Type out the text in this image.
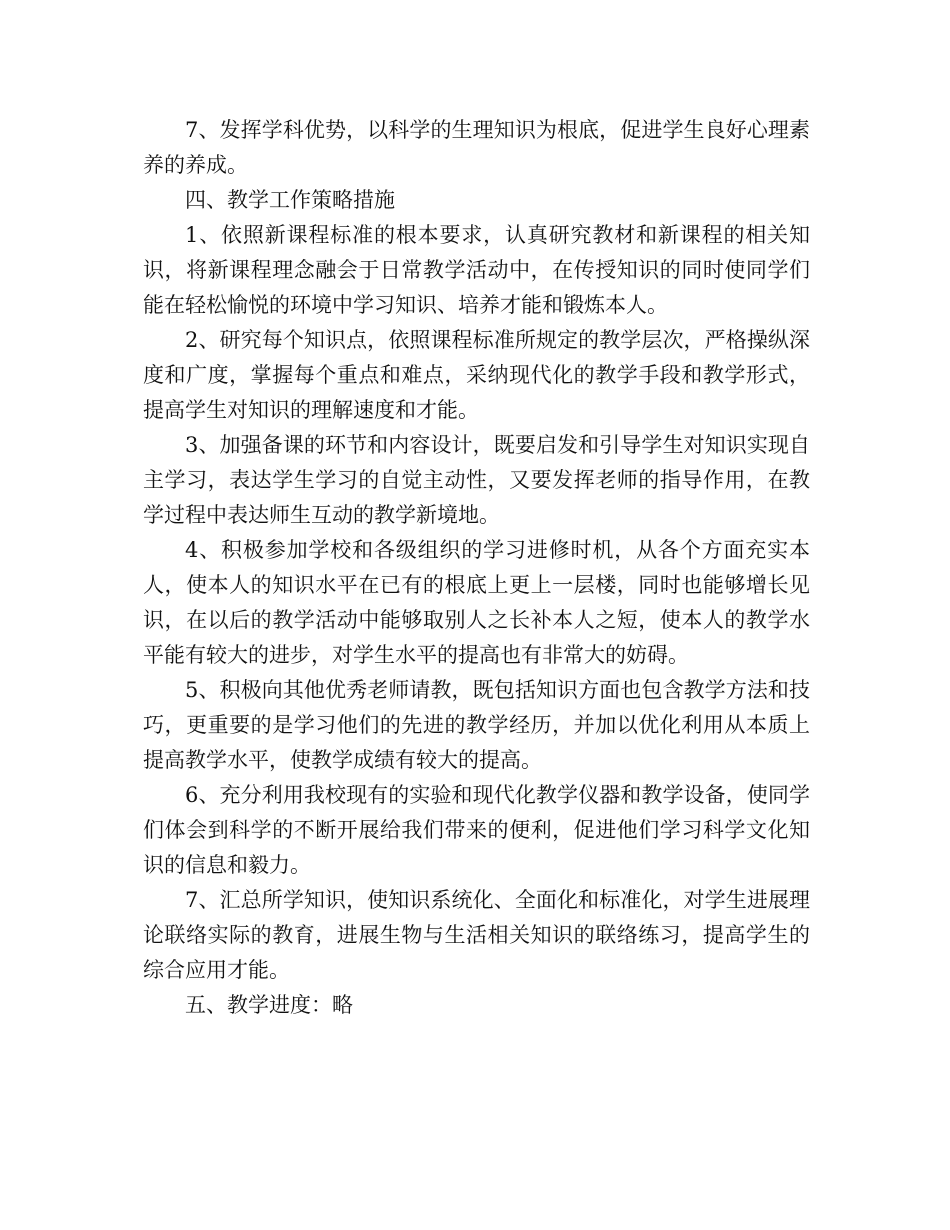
7、发挥学科优势，以科学的生理知识为根底，促进学生良好心理素养的养成。

四、教学工作策略措施

1、依照新课程标准的根本要求，认真研究教材和新课程的相关知识，将新课程理念融会于日常教学活动中，在传授知识的同时使同学们能在轻松愉悦的环境中学习知识、培养才能和锻炼本人。

2、研究每个知识点，依照课程标准所规定的教学层次，严格操纵深度和广度，掌握每个重点和难点，采纳现代化的教学手段和教学形式，提高学生对知识的理解速度和才能。

3、加强备课的环节和内容设计，既要启发和引导学生对知识实现自主学习，表达学生学习的自觉主动性，又要发挥老师的指导作用，在教学过程中表达师生互动的教学新境地。

4、积极参加学校和各级组织的学习进修时机，从各个方面充实本人，使本人的知识水平在已有的根底上更上一层楼，同时也能够增长见识，在以后的教学活动中能够取别人之长补本人之短，使本人的教学水平能有较大的进步，对学生水平的提高也有非常大的妨碍。

5、积极向其他优秀老师请教，既包括知识方面也包含教学方法和技巧，更重要的是学习他们的先进的教学经历，并加以优化利用从本质上提高教学水平，使教学成绩有较大的提高。

6、充分利用我校现有的实验和现代化教学仪器和教学设备，使同学们体会到科学的不断开展给我们带来的便利，促进他们学习科学文化知识的信息和毅力。

7、汇总所学知识，使知识系统化、全面化和标准化，对学生进展理论联络实际的教育，进展生物与生活相关知识的联络练习，提高学生的综合应用才能。

五、教学进度：略
